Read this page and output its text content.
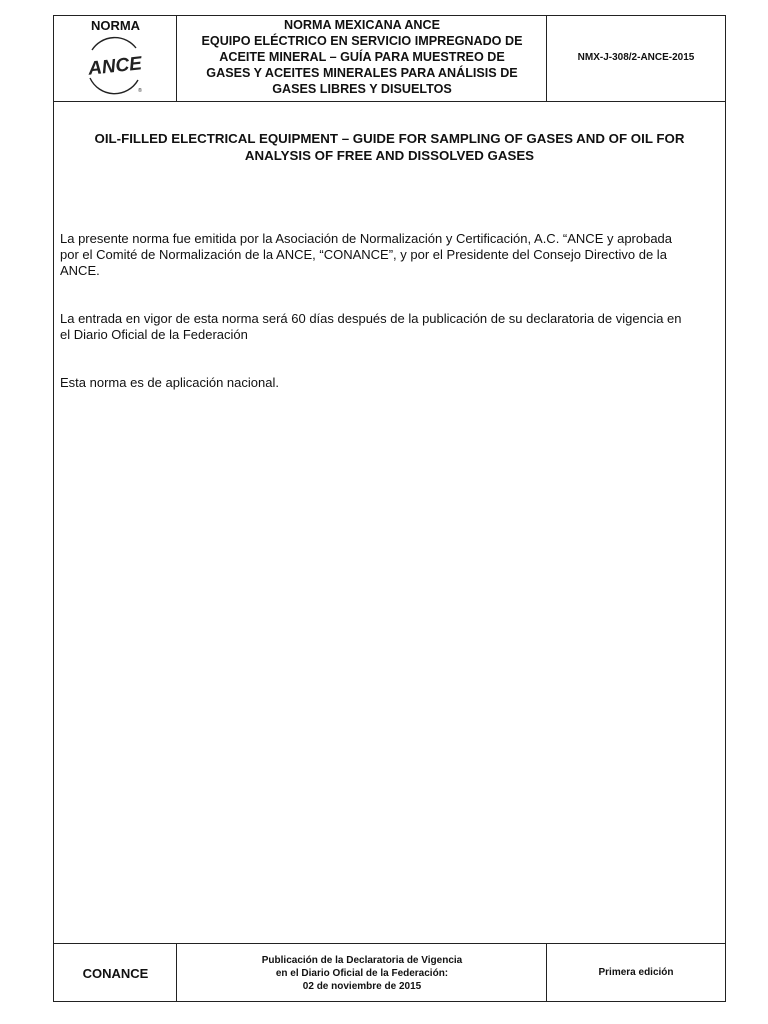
NORMA
ANCE
®
NORMA MEXICANA ANCE
EQUIPO ELÉCTRICO EN SERVICIO IMPREGNADO DE
ACEITE MINERAL – GUÍA PARA MUESTREO DE
GASES Y ACEITES MINERALES PARA ANÁLISIS DE
GASES LIBRES Y DISUELTOS
NMX-J-308/2-ANCE-2015
OIL-FILLED ELECTRICAL EQUIPMENT – GUIDE FOR SAMPLING OF GASES AND OF OIL FOR
ANALYSIS OF FREE AND DISSOLVED GASES
La presente norma fue emitida por la Asociación de Normalización y Certificación, A.C. “ANCE y aprobada
por el Comité de Normalización de la ANCE, “CONANCE”, y por el Presidente del Consejo Directivo de la
ANCE.
La entrada en vigor de esta norma será 60 días después de la publicación de su declaratoria de vigencia en
el Diario Oficial de la Federación
Esta norma es de aplicación nacional.
CONANCE
Publicación de la Declaratoria de Vigencia
en el Diario Oficial de la Federación:
02 de noviembre de 2015
Primera edición
